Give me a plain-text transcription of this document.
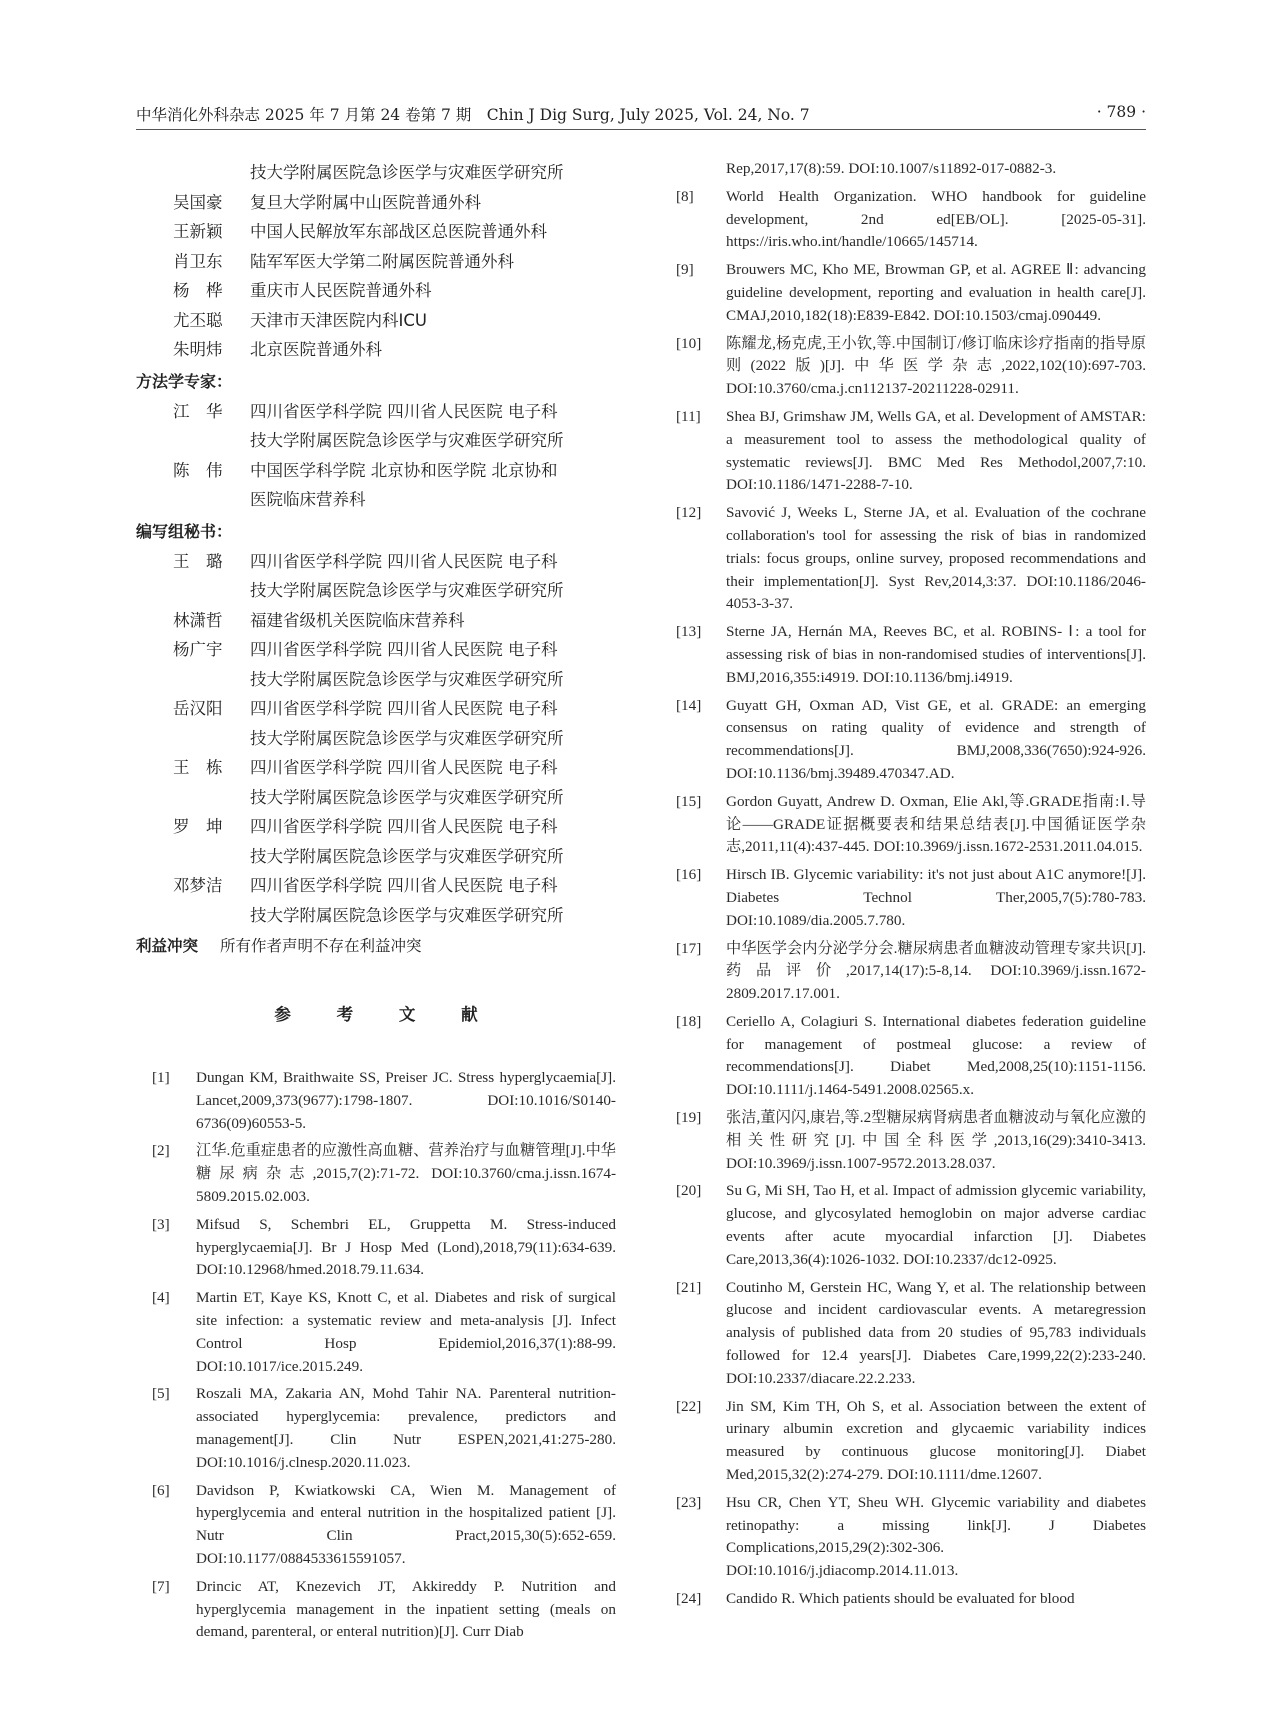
中华消化外科杂志 2025 年 7 月第 24 卷第 7 期　Chin J Dig Surg, July 2025, Vol. 24, No. 7	· 789 ·
技大学附属医院急诊医学与灾难医学研究所
吴国豪	复旦大学附属中山医院普通外科
王新颖	中国人民解放军东部战区总医院普通外科
肖卫东	陆军军医大学第二附属医院普通外科
杨　桦	重庆市人民医院普通外科
尤丕聪	天津市天津医院内科ICU
朱明炜	北京医院普通外科
方法学专家：
江　华	四川省医学科学院 四川省人民医院 电子科
技大学附属医院急诊医学与灾难医学研究所
陈　伟	中国医学科学院 北京协和医学院 北京协和
医院临床营养科
编写组秘书：
王　璐	四川省医学科学院 四川省人民医院 电子科
技大学附属医院急诊医学与灾难医学研究所
林潇哲	福建省级机关医院临床营养科
杨广宇	四川省医学科学院 四川省人民医院 电子科
技大学附属医院急诊医学与灾难医学研究所
岳汉阳	四川省医学科学院 四川省人民医院 电子科
技大学附属医院急诊医学与灾难医学研究所
王　栋	四川省医学科学院 四川省人民医院 电子科
技大学附属医院急诊医学与灾难医学研究所
罗　坤	四川省医学科学院 四川省人民医院 电子科
技大学附属医院急诊医学与灾难医学研究所
邓梦洁	四川省医学科学院 四川省人民医院 电子科
技大学附属医院急诊医学与灾难医学研究所
利益冲突	所有作者声明不存在利益冲突
参 考 文 献
[1]	Dungan KM, Braithwaite SS, Preiser JC. Stress hyperglycaemia[J]. Lancet,2009,373(9677):1798-1807. DOI:10.1016/S0140-6736(09)60553-5.
[2]	江华.危重症患者的应激性高血糖、营养治疗与血糖管理[J].中华糖尿病杂志,2015,7(2):71-72. DOI:10.3760/cma.j.issn.1674-5809.2015.02.003.
[3]	Mifsud S, Schembri EL, Gruppetta M. Stress-induced hyperglycaemia[J]. Br J Hosp Med (Lond),2018,79(11):634-639. DOI:10.12968/hmed.2018.79.11.634.
[4]	Martin ET, Kaye KS, Knott C, et al. Diabetes and risk of surgical site infection: a systematic review and meta-analysis [J]. Infect Control Hosp Epidemiol,2016,37(1):88-99. DOI:10.1017/ice.2015.249.
[5]	Roszali MA, Zakaria AN, Mohd Tahir NA. Parenteral nutrition-associated hyperglycemia: prevalence, predictors and management[J]. Clin Nutr ESPEN,2021,41:275-280. DOI:10.1016/j.clnesp.2020.11.023.
[6]	Davidson P, Kwiatkowski CA, Wien M. Management of hyperglycemia and enteral nutrition in the hospitalized patient [J]. Nutr Clin Pract,2015,30(5):652-659. DOI:10.1177/0884533615591057.
[7]	Drincic AT, Knezevich JT, Akkireddy P. Nutrition and hyperglycemia management in the inpatient setting (meals on demand, parenteral, or enteral nutrition)[J]. Curr Diab
Rep,2017,17(8):59. DOI:10.1007/s11892-017-0882-3.
[8]	World Health Organization. WHO handbook for guideline development, 2nd ed[EB/OL]. [2025-05-31]. https://iris.who.int/handle/10665/145714.
[9]	Brouwers MC, Kho ME, Browman GP, et al. AGREE Ⅱ: advancing guideline development, reporting and evaluation in health care[J]. CMAJ,2010,182(18):E839-E842. DOI:10.1503/cmaj.090449.
[10]	陈耀龙,杨克虎,王小钦,等.中国制订/修订临床诊疗指南的指导原则(2022版)[J].中华医学杂志,2022,102(10):697-703. DOI:10.3760/cma.j.cn112137-20211228-02911.
[11]	Shea BJ, Grimshaw JM, Wells GA, et al. Development of AMSTAR: a measurement tool to assess the methodological quality of systematic reviews[J]. BMC Med Res Methodol,2007,7:10. DOI:10.1186/1471-2288-7-10.
[12]	Savović J, Weeks L, Sterne JA, et al. Evaluation of the cochrane collaboration's tool for assessing the risk of bias in randomized trials: focus groups, online survey, proposed recommendations and their implementation[J]. Syst Rev,2014,3:37. DOI:10.1186/2046-4053-3-37.
[13]	Sterne JA, Hernán MA, Reeves BC, et al. ROBINS- Ⅰ: a tool for assessing risk of bias in non-randomised studies of interventions[J]. BMJ,2016,355:i4919. DOI:10.1136/bmj.i4919.
[14]	Guyatt GH, Oxman AD, Vist GE, et al. GRADE: an emerging consensus on rating quality of evidence and strength of recommendations[J]. BMJ,2008,336(7650):924-926. DOI:10.1136/bmj.39489.470347.AD.
[15]	Gordon Guyatt, Andrew D. Oxman, Elie Akl,等.GRADE指南:Ⅰ.导论——GRADE证据概要表和结果总结表[J].中国循证医学杂志,2011,11(4):437-445. DOI:10.3969/j.issn.1672-2531.2011.04.015.
[16]	Hirsch IB. Glycemic variability: it's not just about A1C anymore![J]. Diabetes Technol Ther,2005,7(5):780-783. DOI:10.1089/dia.2005.7.780.
[17]	中华医学会内分泌学分会.糖尿病患者血糖波动管理专家共识[J].药品评价,2017,14(17):5-8,14. DOI:10.3969/j.issn.1672-2809.2017.17.001.
[18]	Ceriello A, Colagiuri S. International diabetes federation guideline for management of postmeal glucose: a review of recommendations[J]. Diabet Med,2008,25(10):1151-1156. DOI:10.1111/j.1464-5491.2008.02565.x.
[19]	张洁,董闪闪,康岩,等.2型糖尿病肾病患者血糖波动与氧化应激的相关性研究[J].中国全科医学,2013,16(29):3410-3413. DOI:10.3969/j.issn.1007-9572.2013.28.037.
[20]	Su G, Mi SH, Tao H, et al. Impact of admission glycemic variability, glucose, and glycosylated hemoglobin on major adverse cardiac events after acute myocardial infarction [J]. Diabetes Care,2013,36(4):1026-1032. DOI:10.2337/dc12-0925.
[21]	Coutinho M, Gerstein HC, Wang Y, et al. The relationship between glucose and incident cardiovascular events. A metaregression analysis of published data from 20 studies of 95,783 individuals followed for 12.4 years[J]. Diabetes Care,1999,22(2):233-240. DOI:10.2337/diacare.22.2.233.
[22]	Jin SM, Kim TH, Oh S, et al. Association between the extent of urinary albumin excretion and glycaemic variability indices measured by continuous glucose monitoring[J]. Diabet Med,2015,32(2):274-279. DOI:10.1111/dme.12607.
[23]	Hsu CR, Chen YT, Sheu WH. Glycemic variability and diabetes retinopathy: a missing link[J]. J Diabetes Complications,2015,29(2):302-306. DOI:10.1016/j.jdiacomp.2014.11.013.
[24]	Candido R. Which patients should be evaluated for blood
